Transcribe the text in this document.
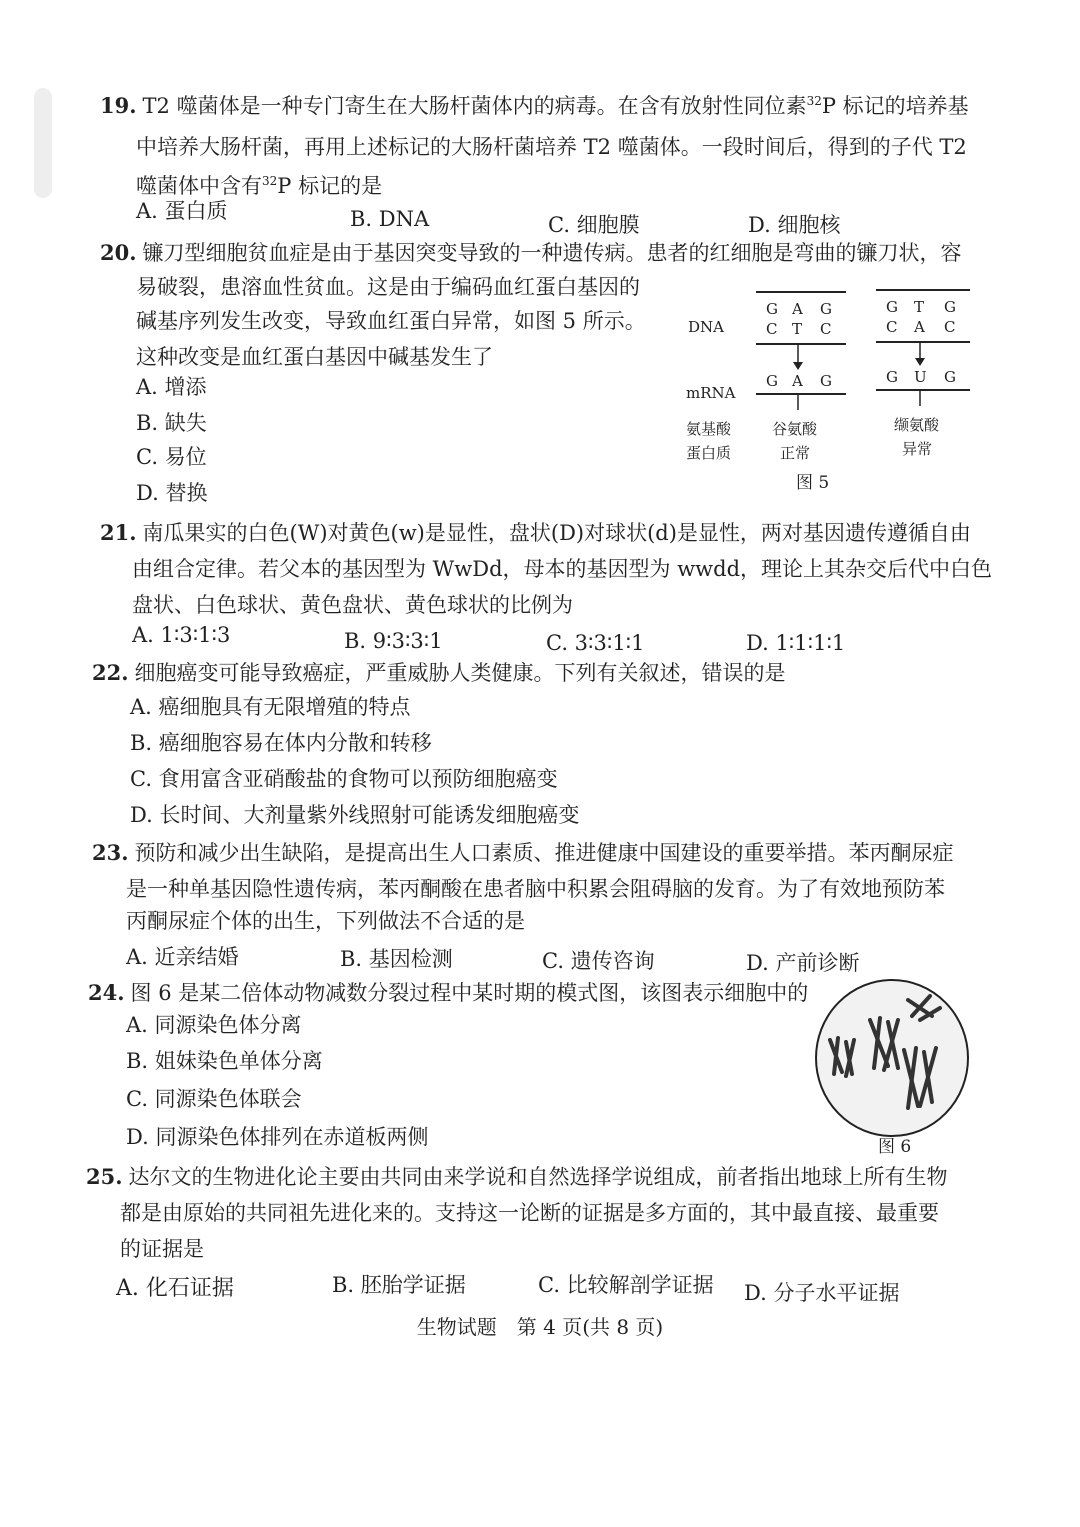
19. T2 噬菌体是一种专门寄生在大肠杆菌体内的病毒。在含有放射性同位素$^{32}$P 标记的培养基
中培养大肠杆菌，再用上述标记的大肠杆菌培养 T2 噬菌体。一段时间后，得到的子代 T2
噬菌体中含有$^{32}$P 标记的是
A. 蛋白质	B. DNA	C. 细胞膜	D. 细胞核
20. 镰刀型细胞贫血症是由于基因突变导致的一种遗传病。患者的红细胞是弯曲的镰刀状，容
易破裂，患溶血性贫血。这是由于编码血红蛋白基因的
碱基序列发生改变，导致血红蛋白异常，如图 5 所示。
这种改变是血红蛋白基因中碱基发生了
A. 增添
B. 缺失
C. 易位
D. 替换
DNA
mRNA
氨基酸
蛋白质
G A G
C T C
G A G
谷氨酸
正常
G T G
C A C
G U G
缬氨酸
异常
图 5
21. 南瓜果实的白色(W)对黄色(w)是显性，盘状(D)对球状(d)是显性，两对基因遗传遵循自由
由组合定律。若父本的基因型为 WwDd，母本的基因型为 wwdd，理论上其杂交后代中白色
盘状、白色球状、黄色盘状、黄色球状的比例为
A. 1∶3∶1∶3	B. 9∶3∶3∶1	C. 3∶3∶1∶1	D. 1∶1∶1∶1
22. 细胞癌变可能导致癌症，严重威胁人类健康。下列有关叙述，错误的是
A. 癌细胞具有无限增殖的特点
B. 癌细胞容易在体内分散和转移
C. 食用富含亚硝酸盐的食物可以预防细胞癌变
D. 长时间、大剂量紫外线照射可能诱发细胞癌变
23. 预防和减少出生缺陷，是提高出生人口素质、推进健康中国建设的重要举措。苯丙酮尿症
是一种单基因隐性遗传病，苯丙酮酸在患者脑中积累会阻碍脑的发育。为了有效地预防苯
丙酮尿症个体的出生，下列做法不合适的是
A. 近亲结婚	B. 基因检测	C. 遗传咨询	D. 产前诊断
24. 图 6 是某二倍体动物减数分裂过程中某时期的模式图，该图表示细胞中的
A. 同源染色体分离
B. 姐妹染色单体分离
C. 同源染色体联会
D. 同源染色体排列在赤道板两侧	图 6
25. 达尔文的生物进化论主要由共同由来学说和自然选择学说组成，前者指出地球上所有生物
都是由原始的共同祖先进化来的。支持这一论断的证据是多方面的，其中最直接、最重要
的证据是
A. 化石证据	B. 胚胎学证据	C. 比较解剖学证据 D. 分子水平证据
生物试题 第 4 页(共 8 页)
